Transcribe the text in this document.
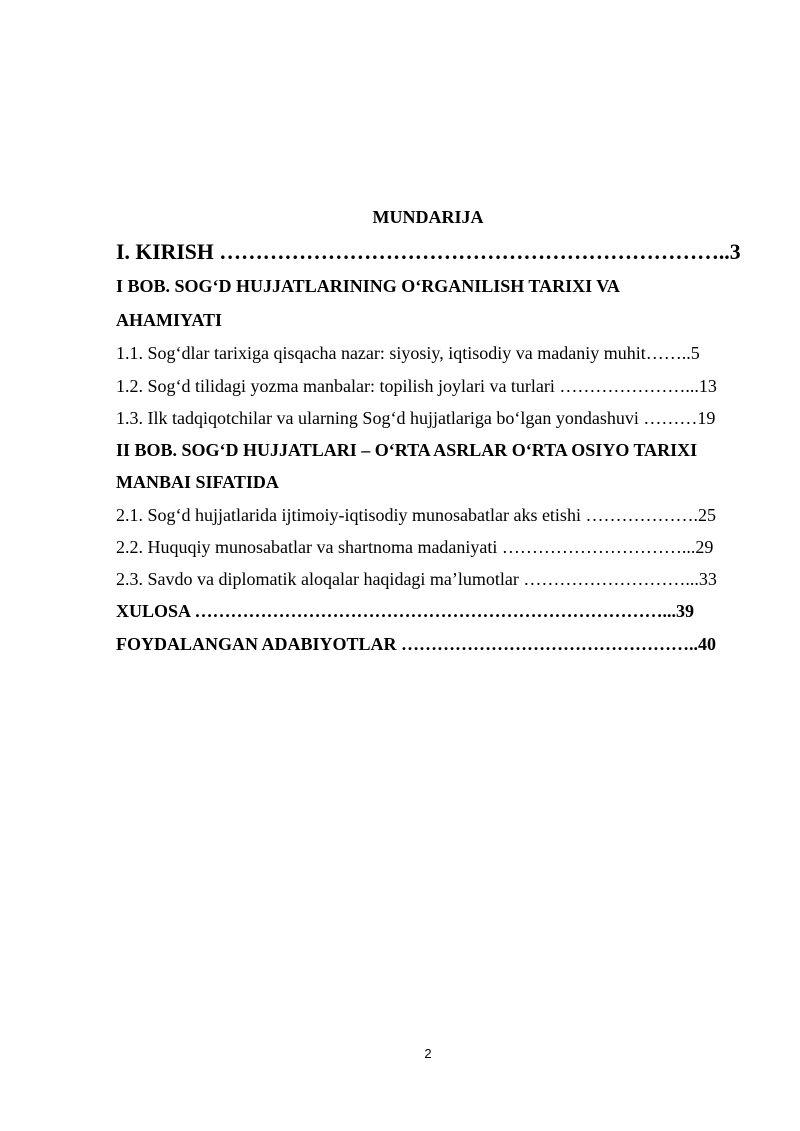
MUNDARIJA
I. KIRISH ……………………………………………………………..3
I BOB. SOG‘D HUJJATLARINING O‘RGANILISH TARIXI VA
AHAMIYATI
1.1. Sog‘dlar tarixiga qisqacha nazar: siyosiy, iqtisodiy va madaniy muhit……..5
1.2. Sog‘d tilidagi yozma manbalar: topilish joylari va turlari …………………...13
1.3. Ilk tadqiqotchilar va ularning Sog‘d hujjatlariga bo‘lgan yondashuvi ………19
II BOB. SOG‘D HUJJATLARI – O‘RTA ASRLAR O‘RTA OSIYO TARIXI
MANBAI SIFATIDA
2.1. Sog‘d hujjatlarida ijtimoiy-iqtisodiy munosabatlar aks etishi ……………….25
2.2. Huquqiy munosabatlar va shartnoma madaniyati …………………………...29
2.3. Savdo va diplomatik aloqalar haqidagi ma’lumotlar ………………………...33
XULOSA ……………………………………………………………………...39
FOYDALANGAN ADABIYOTLAR …………………………………………..40
2
